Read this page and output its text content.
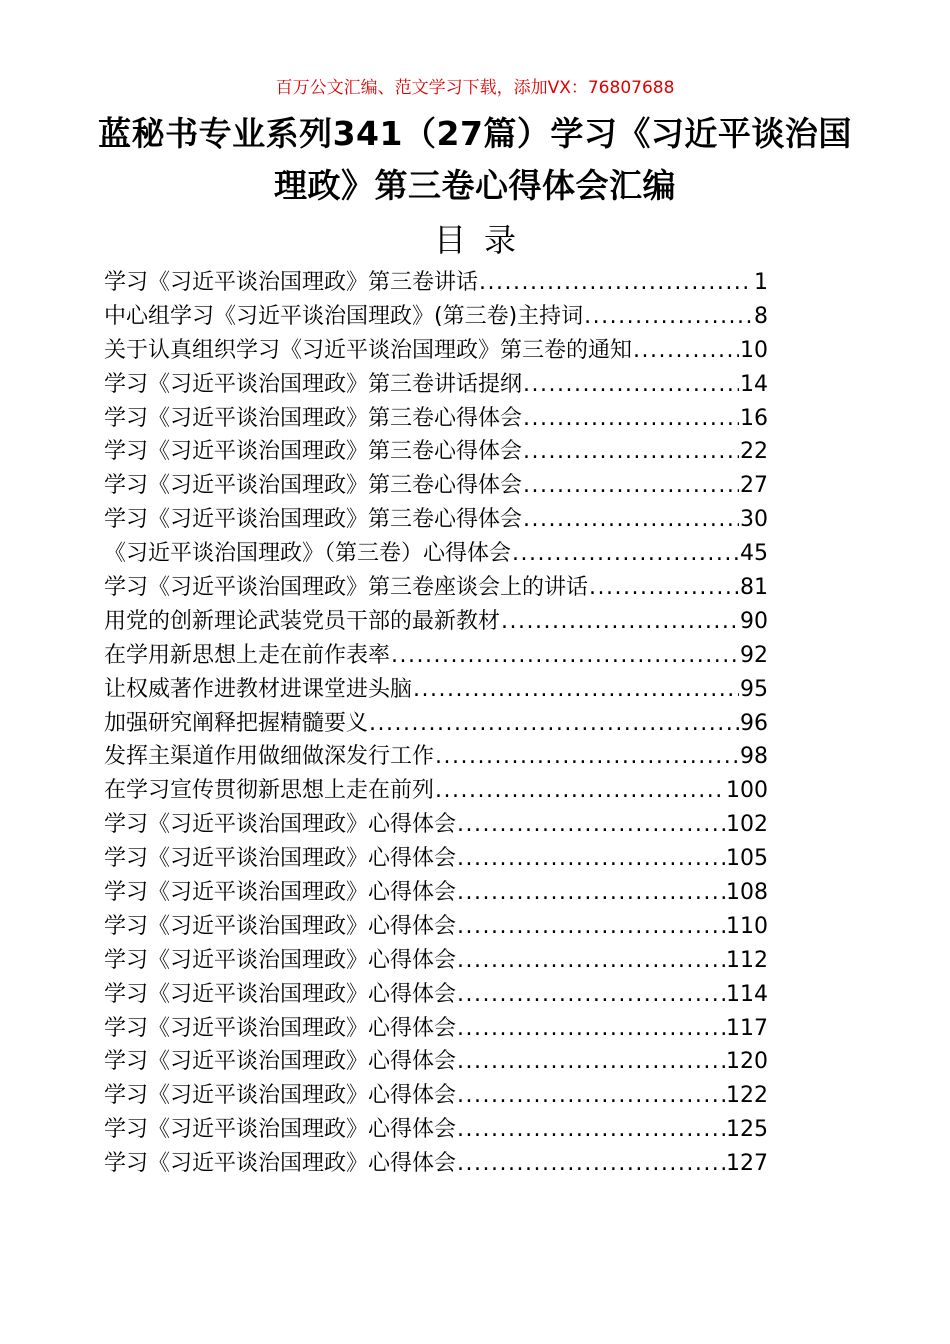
百万公文汇编、范文学习下载，添加VX：76807688
蓝秘书专业系列341（27篇）学习《习近平谈治国理政》第三卷心得体会汇编
目录
学习《习近平谈治国理政》第三卷讲话 .....	1
中心组学习《习近平谈治国理政》(第三卷)主持词 .....	8
关于认真组织学习《习近平谈治国理政》第三卷的通知 .....	10
学习《习近平谈治国理政》第三卷讲话提纲 .....	14
学习《习近平谈治国理政》第三卷心得体会 .....	16
学习《习近平谈治国理政》第三卷心得体会 .....	22
学习《习近平谈治国理政》第三卷心得体会 .....	27
学习《习近平谈治国理政》第三卷心得体会 .....	30
《习近平谈治国理政》（第三卷）心得体会 .....	45
学习《习近平谈治国理政》第三卷座谈会上的讲话 .....	81
用党的创新理论武装党员干部的最新教材 .....	90
在学用新思想上走在前作表率 .....	92
让权威著作进教材进课堂进头脑 .....	95
加强研究阐释把握精髓要义 .....	96
发挥主渠道作用做细做深发行工作 .....	98
在学习宣传贯彻新思想上走在前列 .....	100
学习《习近平谈治国理政》心得体会 .....	102
学习《习近平谈治国理政》心得体会 .....	105
学习《习近平谈治国理政》心得体会 .....	108
学习《习近平谈治国理政》心得体会 .....	110
学习《习近平谈治国理政》心得体会 .....	112
学习《习近平谈治国理政》心得体会 .....	114
学习《习近平谈治国理政》心得体会 .....	117
学习《习近平谈治国理政》心得体会 .....	120
学习《习近平谈治国理政》心得体会 .....	122
学习《习近平谈治国理政》心得体会 .....	125
学习《习近平谈治国理政》心得体会 .....	127
